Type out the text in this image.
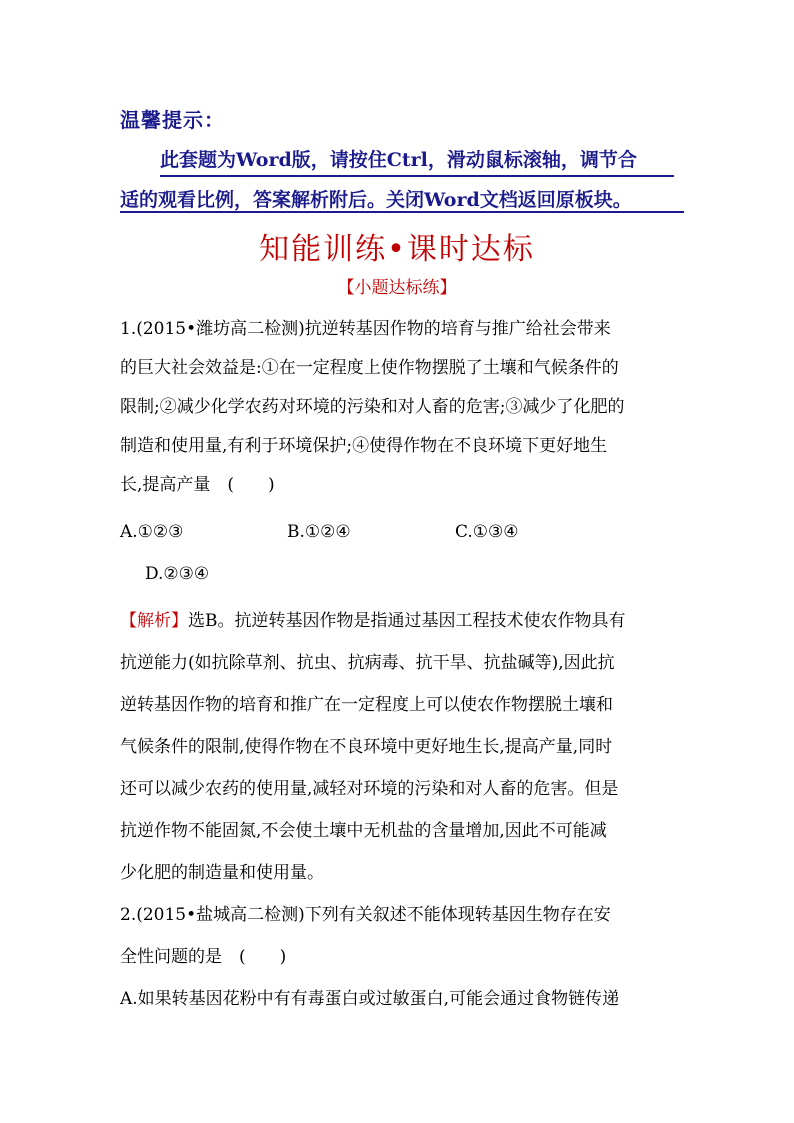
温馨提示：
此套题为Word版，请按住Ctrl，滑动鼠标滚轴，调节合
适的观看比例，答案解析附后。关闭Word文档返回原板块。
知能训练•课时达标
【小题达标练】
1.(2015•潍坊高二检测)抗逆转基因作物的培育与推广给社会带来
的巨大社会效益是:①在一定程度上使作物摆脱了土壤和气候条件的
限制;②减少化学农药对环境的污染和对人畜的危害;③减少了化肥的
制造和使用量,有利于环境保护;④使得作物在不良环境下更好地生
长,提高产量　(　　)
A.①②③	B.①②④	C.①③④
D.②③④
【解析】选B。抗逆转基因作物是指通过基因工程技术使农作物具有
抗逆能力(如抗除草剂、抗虫、抗病毒、抗干旱、抗盐碱等),因此抗
逆转基因作物的培育和推广在一定程度上可以使农作物摆脱土壤和
气候条件的限制,使得作物在不良环境中更好地生长,提高产量,同时
还可以减少农药的使用量,减轻对环境的污染和对人畜的危害。但是
抗逆作物不能固氮,不会使土壤中无机盐的含量增加,因此不可能减
少化肥的制造量和使用量。
2.(2015•盐城高二检测)下列有关叙述不能体现转基因生物存在安
全性问题的是　(　　)
A.如果转基因花粉中有有毒蛋白或过敏蛋白,可能会通过食物链传递
